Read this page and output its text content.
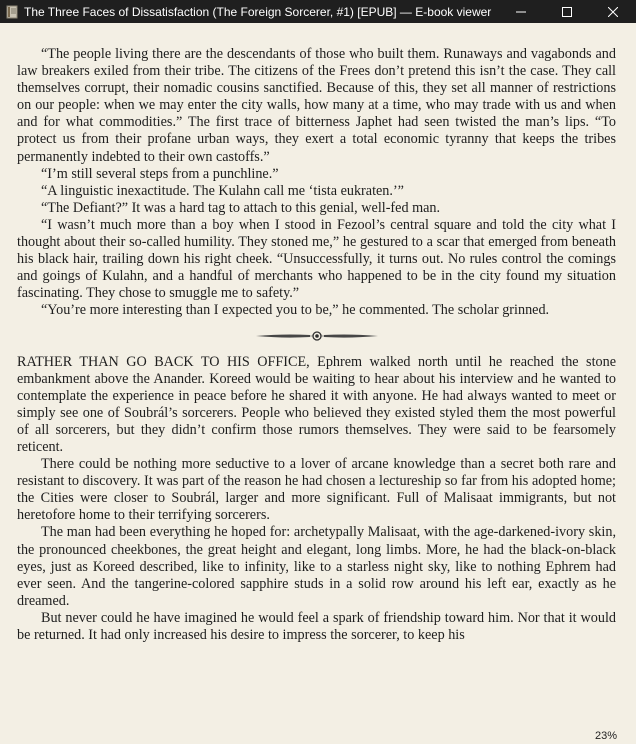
The Three Faces of Dissatisfaction (The Foreign Sorcerer, #1) [EPUB] — E-book viewer

“The people living there are the descendants of those who built them. Runaways and vagabonds and law breakers exiled from their tribe. The citizens of the Frees don’t pretend this isn’t the case. They call themselves corrupt, their nomadic cousins sanctified. Because of this, they set all manner of restrictions on our people: when we may enter the city walls, how many at a time, who may trade with us and when and for what commodities.” The first trace of bitterness Japhet had seen twisted the man’s lips. “To protect us from their profane urban ways, they exert a total economic tyranny that keeps the tribes permanently indebted to their own castoffs.”

“I’m still several steps from a punchline.”

“A linguistic inexactitude. The Kulahn call me ‘tista eukraten.’”

“The Defiant?” It was a hard tag to attach to this genial, well-fed man.

“I wasn’t much more than a boy when I stood in Fezool’s central square and told the city what I thought about their so-called humility. They stoned me,” he gestured to a scar that emerged from beneath his black hair, trailing down his right cheek. “Unsuccessfully, it turns out. No rules control the comings and goings of Kulahn, and a handful of merchants who happened to be in the city found my situation fascinating. They chose to smuggle me to safety.”

“You’re more interesting than I expected you to be,” he commented. The scholar grinned.

RATHER THAN GO BACK TO HIS OFFICE, Ephrem walked north until he reached the stone embankment above the Anander. Koreed would be waiting to hear about his interview and he wanted to contemplate the experience in peace before he shared it with anyone. He had always wanted to meet or simply see one of Soubrál’s sorcerers. People who believed they existed styled them the most powerful of all sorcerers, but they didn’t confirm those rumors themselves. They were said to be fearsomely reticent.

There could be nothing more seductive to a lover of arcane knowledge than a secret both rare and resistant to discovery. It was part of the reason he had chosen a lectureship so far from his adopted home; the Cities were closer to Soubrál, larger and more significant. Full of Malisaat immigrants, but not heretofore home to their terrifying sorcerers.

The man had been everything he hoped for: archetypally Malisaat, with the age-darkened-ivory skin, the pronounced cheekbones, the great height and elegant, long limbs. More, he had the black-on-black eyes, just as Koreed described, like to infinity, like to a starless night sky, like to nothing Ephrem had ever seen. And the tangerine-colored sapphire studs in a solid row around his left ear, exactly as he dreamed.

But never could he have imagined he would feel a spark of friendship toward him. Nor that it would be returned. It had only increased his desire to impress the sorcerer, to keep his

23%
